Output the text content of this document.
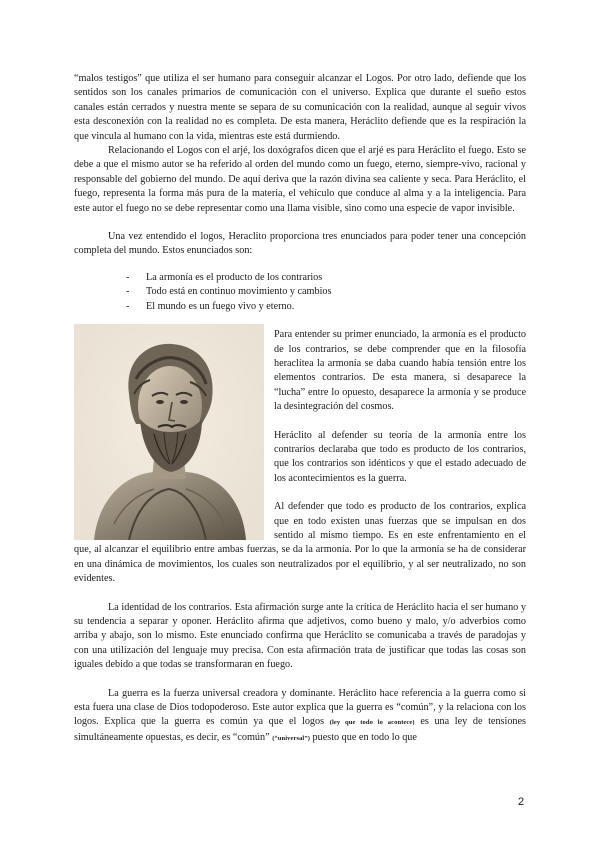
“malos testigos” que utiliza el ser humano para conseguir alcanzar el Logos. Por otro lado, defiende que los sentidos son los canales primarios de comunicación con el universo. Explica que durante el sueño estos canales están cerrados y nuestra mente se separa de su comunicación con la realidad, aunque al seguir vivos esta desconexión con la realidad no es completa. De esta manera, Heráclito defiende que es la respiración la que vincula al humano con la vida, mientras este está durmiendo.

Relacionando el Logos con el arjé, los doxógrafos dicen que el arjé es para Heráclito el fuego. Esto se debe a que el mismo autor se ha referido al orden del mundo como un fuego, eterno, siempre-vivo, racional y responsable del gobierno del mundo. De aquí deriva que la razón divina sea caliente y seca. Para Heráclito, el fuego, representa la forma más pura de la materia, el vehículo que conduce al alma y a la inteligencia. Para este autor el fuego no se debe representar como una llama visible, sino como una especie de vapor invisible.

Una vez entendido el logos, Heraclito proporciona tres enunciados para poder tener una concepción completa del mundo. Estos enunciados son:

- La armonía es el producto de los contrarios
- Todo está en continuo movimiento y cambios
- El mundo es un fuego vivo y eterno.

Para entender su primer enunciado, la armonía es el producto de los contrarios, se debe comprender que en la filosofía heraclítea la armonía se daba cuando había tensión entre los elementos contrarios. De esta manera, si desaparece la “lucha” entre lo opuesto, desaparece la armonía y se produce la desintegración del cosmos.

Heráclito al defender su teoría de la armonía entre los contrarios declaraba que todo es producto de los contrarios, que los contrarios son idénticos y que el estado adecuado de los acontecimientos es la guerra.

Al defender que todo es producto de los contrarios, explica que en todo existen unas fuerzas que se impulsan en dos sentido al mismo tiempo. Es en este enfrentamiento en el que, al alcanzar el equilibrio entre ambas fuerzas, se da la armonía. Por lo que la armonía se ha de considerar en una dinámica de movimientos, los cuales son neutralizados por el equilibrio, y al ser neutralizado, no son evidentes.

La identidad de los contrarios. Esta afirmación surge ante la crítica de Heráclito hacia el ser humano y su tendencia a separar y oponer. Heráclito afirma que adjetivos, como bueno y malo, y/o adverbios como arriba y abajo, son lo mismo. Este enunciado confirma que Heráclito se comunicaba a través de paradojas y con una utilización del lenguaje muy precisa. Con esta afirmación trata de justificar que todas las cosas son iguales debido a que todas se transformaran en fuego.

La guerra es la fuerza universal creadora y dominante. Heráclito hace referencia a la guerra como si esta fuera una clase de Dios todopoderoso. Este autor explica que la guerra es “común”, y la relaciona con los logos. Explica que la guerra es común ya que el logos (ley que todo lo acontece) es una ley de tensiones simultáneamente opuestas, es decir, es “común” (“universal”) puesto que en todo lo que

2
